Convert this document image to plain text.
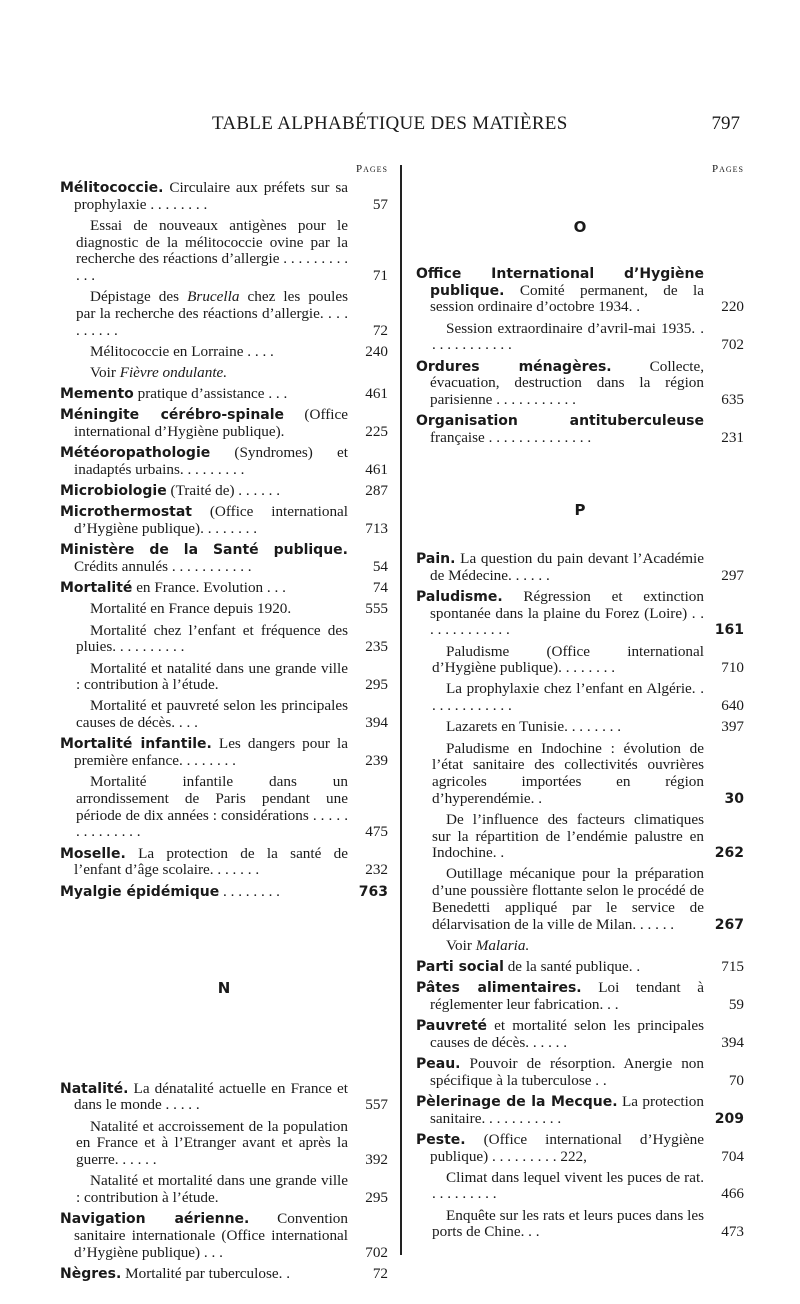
TABLE ALPHABÉTIQUE DES MATIÈRES	797
Pages
Mélitococcie. Circulaire aux préfets sur sa prophylaxie . . . . . . . .	57
Essai de nouveaux antigènes pour le diagnostic de la mélitococcie ovine par la recherche des réactions d’allergie . . . . . . . . . . . .	71
Dépistage des Brucella chez les poules par la recherche des réactions d’allergie. . . . . . . . . .	72
Mélitococcie en Lorraine . . . .	240
Voir Fièvre ondulante.
Memento pratique d’assistance . . .	461
Méningite cérébro-spinale (Office international d’Hygiène publique).	225
Météoropathologie (Syndromes) et inadaptés urbains. . . . . . . . .	461
Microbiologie (Traité de) . . . . . .	287
Microthermostat (Office international d’Hygiène publique). . . . . . . .	713
Ministère de la Santé publique. Crédits annulés . . . . . . . . . . .	54
Mortalité en France. Evolution . . .	74
Mortalité en France depuis 1920.	555
Mortalité chez l’enfant et fréquence des pluies. . . . . . . . . .	235
Mortalité et natalité dans une grande ville : contribution à l’étude.	295
Mortalité et pauvreté selon les principales causes de décès. . . .	394
Mortalité infantile. Les dangers pour la première enfance. . . . . . . .	239
Mortalité infantile dans un arrondissement de Paris pendant une période de dix années : considérations . . . . . . . . . . . . . .	475
Moselle. La protection de la santé de l’enfant d’âge scolaire. . . . . . .	232
Myalgie épidémique . . . . . . . .	763
N
Natalité. La dénatalité actuelle en France et dans le monde . . . . .	557
Natalité et accroissement de la population en France et à l’Etranger avant et après la guerre. . . . . .	392
Natalité et mortalité dans une grande ville : contribution à l’étude.	295
Navigation aérienne. Convention sanitaire internationale (Office international d’Hygiène publique) . . .	702
Nègres. Mortalité par tuberculose. .	72
Pages
O
Office International d’Hygiène publique. Comité permanent, de la session ordinaire d’octobre 1934. .	220
Session extraordinaire d’avril-mai 1935. . . . . . . . . . . . .	702
Ordures ménagères. Collecte, évacuation, destruction dans la région parisienne . . . . . . . . . . .	635
Organisation antituberculeuse française . . . . . . . . . . . . . .	231
P
Pain. La question du pain devant l’Académie de Médecine. . . . . .	297
Paludisme. Régression et extinction spontanée dans la plaine du Forez (Loire) . . . . . . . . . . . . .	161
Paludisme (Office international d’Hygiène publique). . . . . . . .	710
La prophylaxie chez l’enfant en Algérie. . . . . . . . . . . . .	640
Lazarets en Tunisie. . . . . . . .	397
Paludisme en Indochine : évolution de l’état sanitaire des collectivités ouvrières agricoles importées en région d’hyperendémie. .	30
De l’influence des facteurs climatiques sur la répartition de l’endémie palustre en Indochine. .	262
Outillage mécanique pour la préparation d’une poussière flottante selon le procédé de Benedetti appliqué par le service de délarvisation de la ville de Milan. . . . . .	267
Voir Malaria.
Parti social de la santé publique. .	715
Pâtes alimentaires. Loi tendant à réglementer leur fabrication. . .	59
Pauvreté et mortalité selon les principales causes de décès. . . . . .	394
Peau. Pouvoir de résorption. Anergie non spécifique à la tuberculose . .	70
Pèlerinage de la Mecque. La protection sanitaire. . . . . . . . . . .	209
Peste. (Office international d’Hygiène publique) . . . . . . . . . 222,	704
Climat dans lequel vivent les puces de rat. . . . . . . . . .	466
Enquête sur les rats et leurs puces dans les ports de Chine. . .	473
